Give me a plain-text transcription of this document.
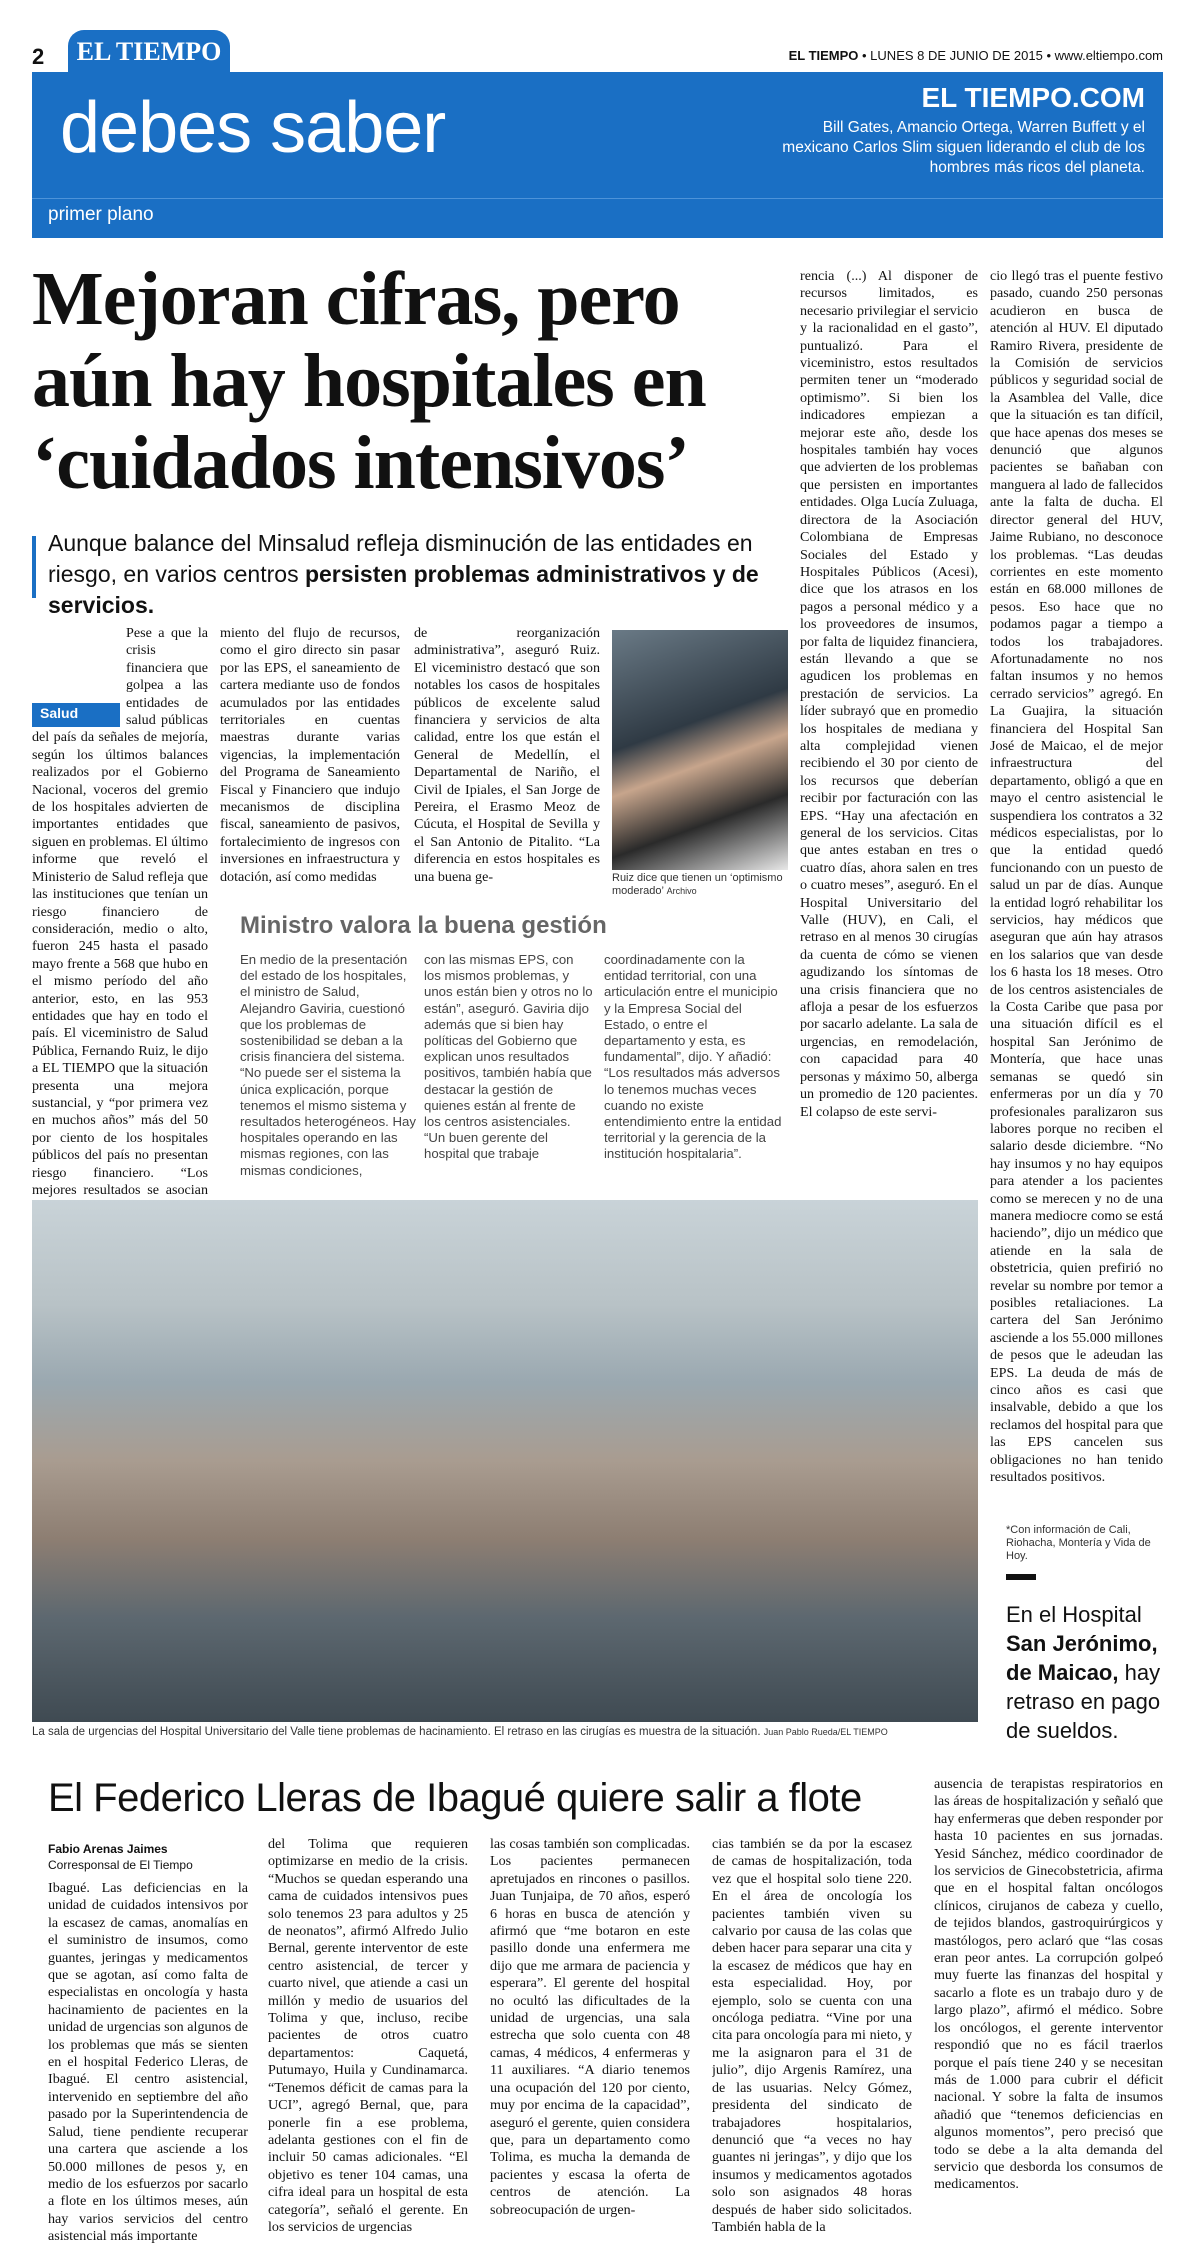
2	EL TIEMPO	EL TIEMPO • LUNES 8 DE JUNIO DE 2015 • www.eltiempo.com
debes saber	EL TIEMPO.COM
Bill Gates, Amancio Ortega, Warren Buffett y el mexicano Carlos Slim siguen liderando el club de los hombres más ricos del planeta.
primer plano
Mejoran cifras, pero aún hay hospitales en ‘cuidados intensivos’
Aunque balance del Minsalud refleja disminución de las entidades en riesgo, en varios centros persisten problemas administrativos y de servicios.
Salud
Pese a que la crisis financiera que golpea a las entidades de salud públicas del país da señales de mejoría, según los últimos balances realizados por el Gobierno Nacional, voceros del gremio de los hospitales advierten de importantes entidades que siguen en problemas. El último informe que reveló el Ministerio de Salud refleja que las instituciones que tenían un riesgo financiero de consideración, medio o alto, fueron 245 hasta el pasado mayo frente a 568 que hubo en el mismo período del año anterior, esto, en las 953 entidades que hay en todo el país. El viceministro de Salud Pública, Fernando Ruiz, le dijo a EL TIEMPO que la situación presenta una mejora sustancial, y “por primera vez en muchos años” más del 50 por ciento de los hospitales públicos del país no presentan riesgo financiero. “Los mejores resultados se asocian
miento del flujo de recursos, como el giro directo sin pasar por las EPS, el saneamiento de cartera mediante uso de fondos acumulados por las entidades territoriales en cuentas maestras durante varias vigencias, la implementación del Programa de Saneamiento Fiscal y Financiero que indujo mecanismos de disciplina fiscal, saneamiento de pasivos, fortalecimiento de ingresos con inversiones en infraestructura y dotación, así como medidas
de reorganización administrativa”, aseguró Ruiz. El viceministro destacó que son notables los casos de hospitales públicos de excelente salud financiera y servicios de alta calidad, entre los que están el General de Medellín, el Departamental de Nariño, el Civil de Ipiales, el San Jorge de Pereira, el Erasmo Meoz de Cúcuta, el Hospital de Sevilla y el San Antonio de Pitalito. “La diferencia en estos hospitales es una buena ge-	Ruiz dice que tienen un ‘optimismo moderado’ Archivo
Ministro valora la buena gestión
En medio de la presentación del estado de los hospitales, el ministro de Salud, Alejandro Gaviria, cuestionó que los problemas de sostenibilidad se deban a la crisis financiera del sistema. “No puede ser el sistema la única explicación, porque tenemos el mismo sistema y resultados heterogéneos. Hay hospitales operando en las mismas regiones, con las mismas condiciones,
con las mismas EPS, con los mismos problemas, y unos están bien y otros no lo están”, aseguró. Gaviria dijo además que si bien hay políticas del Gobierno que explican unos resultados positivos, también había que destacar la gestión de quienes están al frente de los centros asistenciales. “Un buen gerente del hospital que trabaje
coordinadamente con la entidad territorial, con una articulación entre el municipio y la Empresa Social del Estado, o entre el departamento y esta, es fundamental”, dijo. Y añadió: “Los resultados más adversos lo tenemos muchas veces cuando no existe entendimiento entre la entidad territorial y la gerencia de la institución hospitalaria”.
rencia (...) Al disponer de recursos limitados, es necesario privilegiar el servicio y la racionalidad en el gasto”, puntualizó. Para el viceministro, estos resultados permiten tener un “moderado optimismo”. Si bien los indicadores empiezan a mejorar este año, desde los hospitales también hay voces que advierten de los problemas que persisten en importantes entidades. Olga Lucía Zuluaga, directora de la Asociación Colombiana de Empresas Sociales del Estado y Hospitales Públicos (Acesi), dice que los atrasos en los pagos a personal médico y a los proveedores de insumos, por falta de liquidez financiera, están llevando a que se agudicen los problemas en prestación de servicios. La líder subrayó que en promedio los hospitales de mediana y alta complejidad vienen recibiendo el 30 por ciento de los recursos que deberían recibir por facturación con las EPS. “Hay una afectación en general de los servicios. Citas que antes estaban en tres o cuatro días, ahora salen en tres o cuatro meses”, aseguró. En el Hospital Universitario del Valle (HUV), en Cali, el retraso en al menos 30 cirugías da cuenta de cómo se vienen agudizando los síntomas de una crisis financiera que no afloja a pesar de los esfuerzos por sacarlo adelante. La sala de urgencias, en remodelación, con capacidad para 40 personas y máximo 50, alberga un promedio de 120 pacientes. El colapso de este servi-
cio llegó tras el puente festivo pasado, cuando 250 personas acudieron en busca de atención al HUV. El diputado Ramiro Rivera, presidente de la Comisión de servicios públicos y seguridad social de la Asamblea del Valle, dice que la situación es tan difícil, que hace apenas dos meses se denunció que algunos pacientes se bañaban con manguera al lado de fallecidos ante la falta de ducha. El director general del HUV, Jaime Rubiano, no desconoce los problemas. “Las deudas corrientes en este momento están en 68.000 millones de pesos. Eso hace que no podamos pagar a tiempo a todos los trabajadores. Afortunadamente no nos faltan insumos y no hemos cerrado servicios” agregó. En La Guajira, la situación financiera del Hospital San José de Maicao, el de mejor infraestructura del departamento, obligó a que en mayo el centro asistencial le suspendiera los contratos a 32 médicos especialistas, por lo que la entidad quedó funcionando con un puesto de salud un par de días. Aunque la entidad logró rehabilitar los servicios, hay médicos que aseguran que aún hay atrasos en los salarios que van desde los 6 hasta los 18 meses. Otro de los centros asistenciales de la Costa Caribe que pasa por una situación difícil es el hospital San Jerónimo de Montería, que hace unas semanas se quedó sin enfermeras por un día y 70 profesionales paralizaron sus labores porque no reciben el salario desde diciembre. “No hay insumos y no hay equipos para atender a los pacientes como se merecen y no de una manera mediocre como se está haciendo”, dijo un médico que atiende en la sala de obstetricia, quien prefirió no revelar su nombre por temor a posibles retaliaciones. La cartera del San Jerónimo asciende a los 55.000 millones de pesos que le adeudan las EPS. La deuda de más de cinco años es casi que insalvable, debido a que los reclamos del hospital para que las EPS cancelen sus obligaciones no han tenido resultados positivos.
*Con información de Cali, Riohacha, Montería y Vida de Hoy.
La sala de urgencias del Hospital Universitario del Valle tiene problemas de hacinamiento. El retraso en las cirugías es muestra de la situación. Juan Pablo Rueda/EL TIEMPO
En el Hospital San Jerónimo, de Maicao, hay retraso en pago de sueldos.
El Federico Lleras de Ibagué quiere salir a flote
Fabio Arenas Jaimes
Corresponsal de El Tiempo
Ibagué. Las deficiencias en la unidad de cuidados intensivos por la escasez de camas, anomalías en el suministro de insumos, como guantes, jeringas y medicamentos que se agotan, así como falta de especialistas en oncología y hasta hacinamiento de pacientes en la unidad de urgencias son algunos de los problemas que más se sienten en el hospital Federico Lleras, de Ibagué. El centro asistencial, intervenido en septiembre del año pasado por la Superintendencia de Salud, tiene pendiente recuperar una cartera que asciende a los 50.000 millones de pesos y, en medio de los esfuerzos por sacarlo a flote en los últimos meses, aún hay varios servicios del centro asistencial más importante
del Tolima que requieren optimizarse en medio de la crisis. “Muchos se quedan esperando una cama de cuidados intensivos pues solo tenemos 23 para adultos y 25 de neonatos”, afirmó Alfredo Julio Bernal, gerente interventor de este centro asistencial, de tercer y cuarto nivel, que atiende a casi un millón y medio de usuarios del Tolima y que, incluso, recibe pacientes de otros cuatro departamentos: Caquetá, Putumayo, Huila y Cundinamarca. “Tenemos déficit de camas para la UCI”, agregó Bernal, que, para ponerle fin a ese problema, adelanta gestiones con el fin de incluir 50 camas adicionales. “El objetivo es tener 104 camas, una cifra ideal para un hospital de esta categoría”, señaló el gerente. En los servicios de urgencias
las cosas también son complicadas. Los pacientes permanecen apretujados en rincones o pasillos. Juan Tunjaipa, de 70 años, esperó 6 horas en busca de atención y afirmó que “me botaron en este pasillo donde una enfermera me dijo que me armara de paciencia y esperara”. El gerente del hospital no ocultó las dificultades de la unidad de urgencias, una sala estrecha que solo cuenta con 48 camas, 4 médicos, 4 enfermeras y 11 auxiliares. “A diario tenemos una ocupación del 120 por ciento, muy por encima de la capacidad”, aseguró el gerente, quien considera que, para un departamento como Tolima, es mucha la demanda de pacientes y escasa la oferta de centros de atención. La sobreocupación de urgen-
cias también se da por la escasez de camas de hospitalización, toda vez que el hospital solo tiene 220. En el área de oncología los pacientes también viven su calvario por causa de las colas que deben hacer para separar una cita y la escasez de médicos que hay en esta especialidad. Hoy, por ejemplo, solo se cuenta con una oncóloga pediatra. “Vine por una cita para oncología para mi nieto, y me la asignaron para el 31 de julio”, dijo Argenis Ramírez, una de las usuarias. Nelcy Gómez, presidenta del sindicato de trabajadores hospitalarios, denunció que “a veces no hay guantes ni jeringas”, y dijo que los insumos y medicamentos agotados solo son asignados 48 horas después de haber sido solicitados. También habla de la
ausencia de terapistas respiratorios en las áreas de hospitalización y señaló que hay enfermeras que deben responder por hasta 10 pacientes en sus jornadas. Yesid Sánchez, médico coordinador de los servicios de Ginecobstetricia, afirma que en el hospital faltan oncólogos clínicos, cirujanos de cabeza y cuello, de tejidos blandos, gastroquirúrgicos y mastólogos, pero aclaró que “las cosas eran peor antes. La corrupción golpeó muy fuerte las finanzas del hospital y sacarlo a flote es un trabajo duro y de largo plazo”, afirmó el médico. Sobre los oncólogos, el gerente interventor respondió que no es fácil traerlos porque el país tiene 240 y se necesitan más de 1.000 para cubrir el déficit nacional. Y sobre la falta de insumos añadió que “tenemos deficiencias en algunos momentos”, pero precisó que todo se debe a la alta demanda del servicio que desborda los consumos de medicamentos.
